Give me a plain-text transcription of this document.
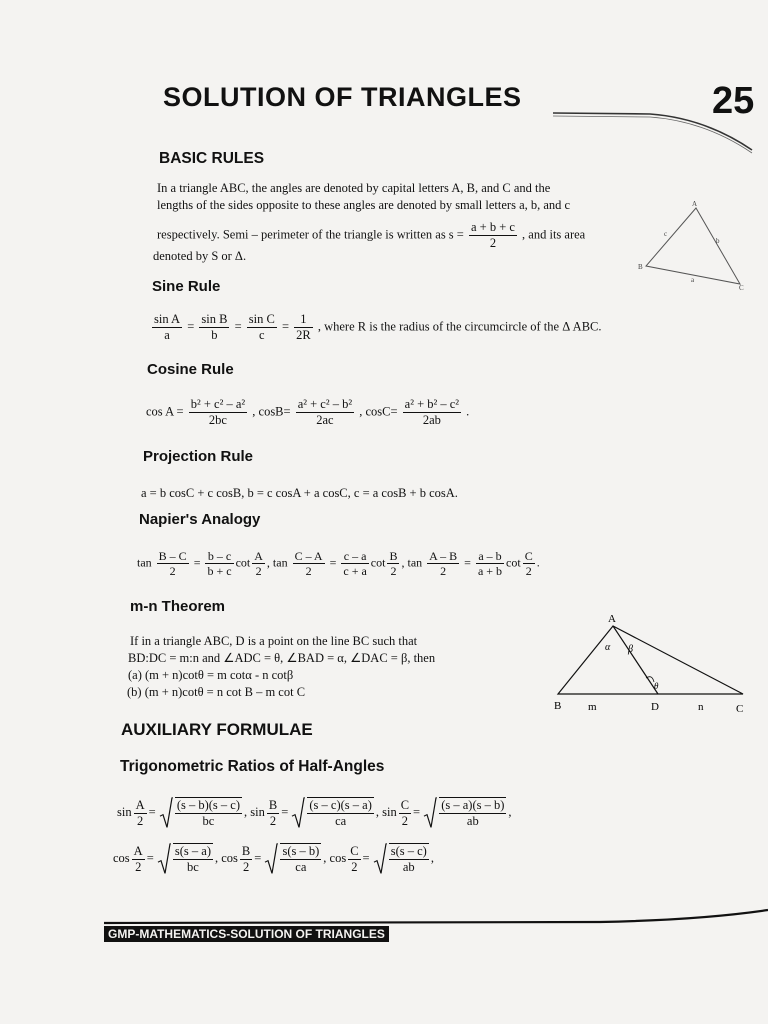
SOLUTION OF TRIANGLES	25
BASIC RULES
In a triangle ABC, the angles are denoted by capital letters A, B, and C and the
lengths of the sides opposite to these angles are denoted by small letters a, b, and c
respectively. Semi – perimeter of the triangle is written as $s = \frac{a + b + c}{2}$ , and its area
denoted by S or Δ.
A
B
C
a
b
c
Sine Rule
$\frac{\text{sin A}}{a} = \frac{\text{sin B}}{b} = \frac{\text{sin C}}{c} = \frac{1}{2R}$ , where R is the radius of the circumcircle of the Δ ABC.
Cosine Rule
$\cos A = \frac{\text{b² + c² – a²}}{2bc}$ , $\cos B= \frac{\text{a² + c² – b²}}{2ac}$ , $\cos C= \frac{\text{a² + b² – c²}}{2ab}$ .
Projection Rule
a = b cosC + c cosB, b = c cosA + a cosC, c = a cosB + b cosA.
Napier's Analogy
$\tan \frac{B - C}{2} = \frac{b - c}{b + c}$ $\cot \frac{A}{2}$ , $\tan \frac{C - A}{2} = \frac{c - a}{c + a}$ $\cot \frac{B}{2}$ , $\tan \frac{A - B}{2} = \frac{a - b}{a + b}$ $\cot \frac{C}{2}$ .
m-n Theorem
If in a triangle ABC, D is a point on the line BC such that
BD:DC = m:n and ∠ADC = θ, ∠BAD = α, ∠DAC = β, then
(a) (m + n)cotθ = m cotα - n cotβ
(b) (m + n)cotθ = n cot B – m cot C
A
B	C
D
m	n
α β
θ
AUXILIARY FORMULAE
Trigonometric Ratios of Half-Angles
$\sin \frac{A}{2} = \frac{(s - b)(s - c)}{bc}$ , $\sin \frac{B}{2} = \frac{(s - c)(s - a)}{ca}$ , $\sin \frac{C}{2} = \frac{(s - a)(s - b)}{ab}$ ,
$\cos \frac{A}{2} = \frac{s(s - a)}{bc}$ , $\cos \frac{B}{2} = \frac{s(s - b)}{ca}$ , $\cos \frac{C}{2} = \frac{s(s - c)}{ab}$ ,
GMP-MATHEMATICS-SOLUTION OF TRIANGLES
